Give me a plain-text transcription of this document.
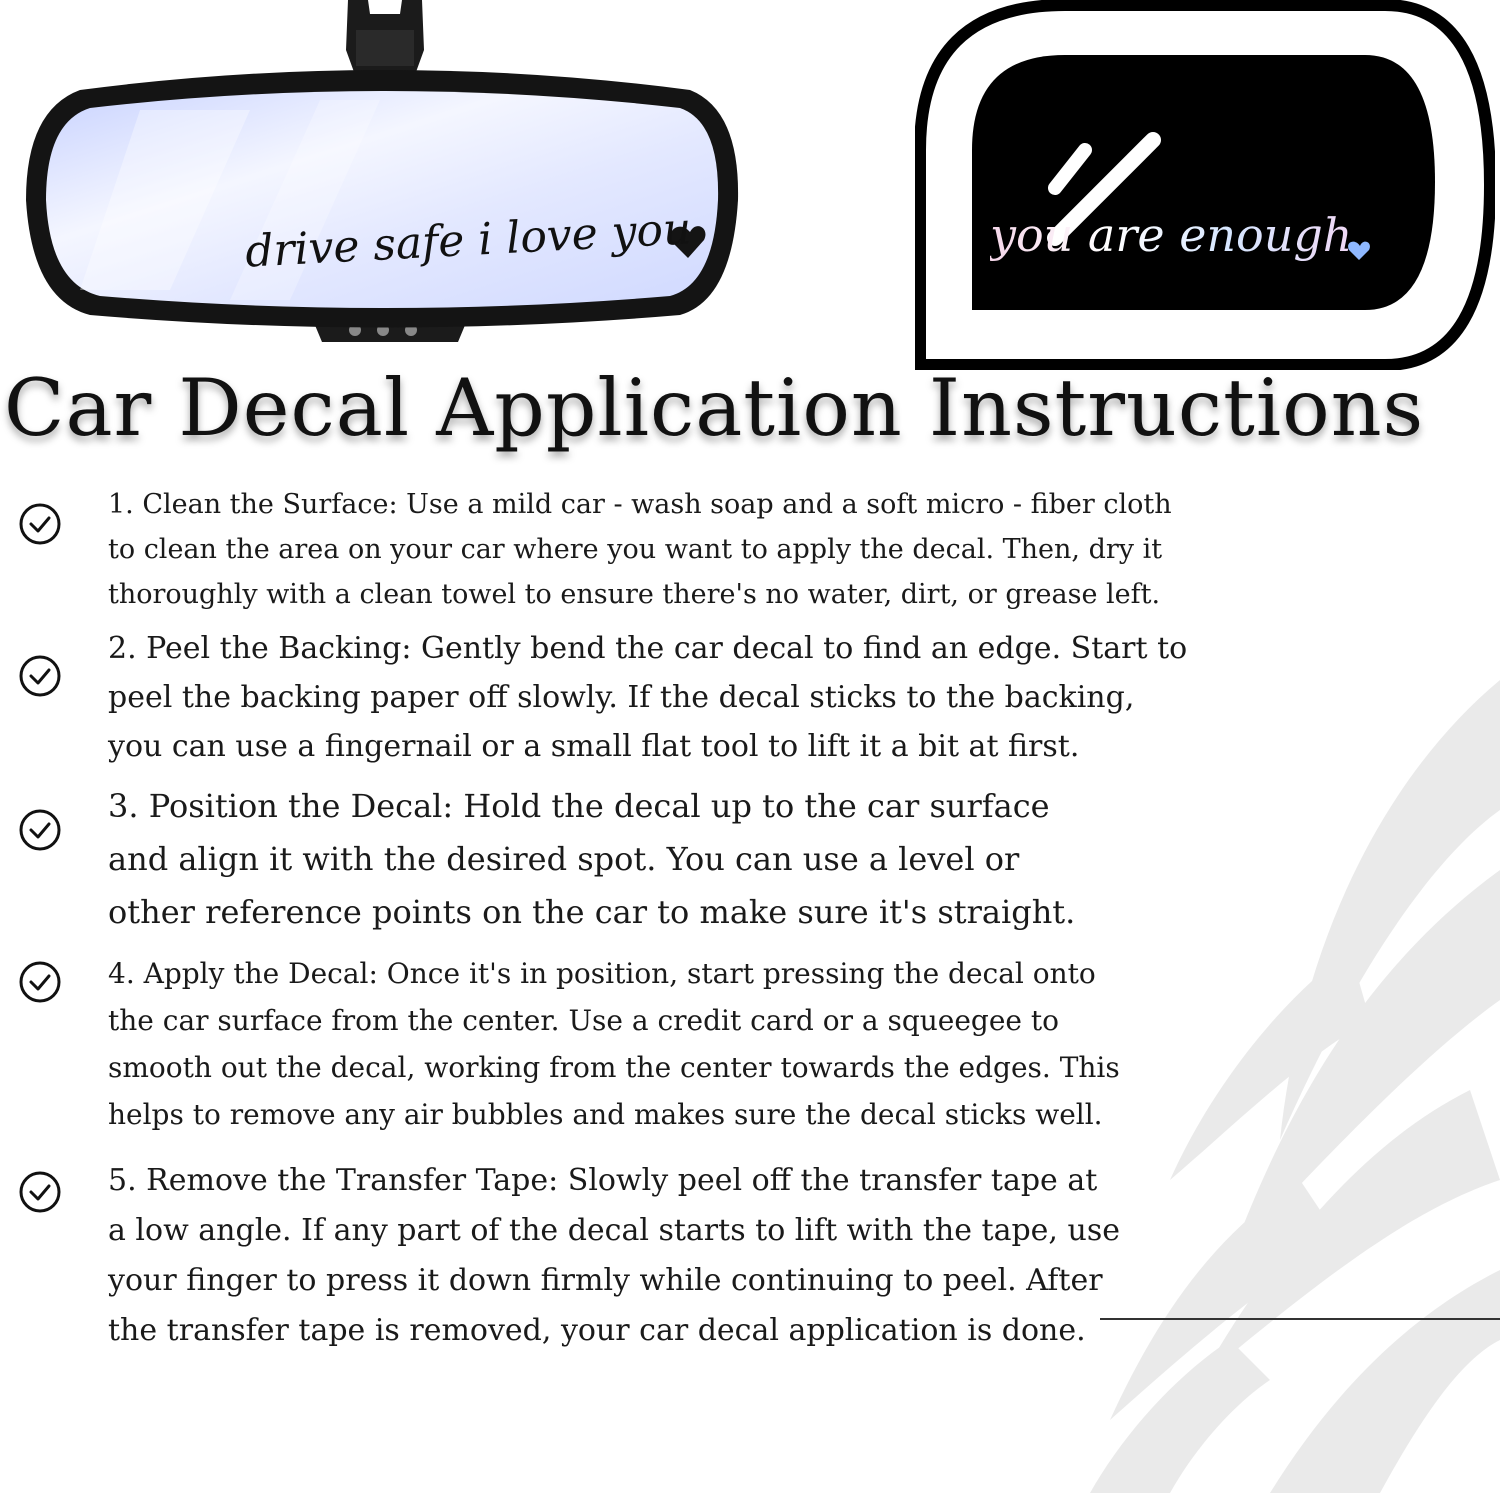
drive safe i love you	you are enough
Car Decal Application Instructions
1. Clean the Surface: Use a mild car - wash soap and a soft micro - fiber cloth
to clean the area on your car where you want to apply the decal. Then, dry it
thoroughly with a clean towel to ensure there's no water, dirt, or grease left.
2. Peel the Backing: Gently bend the car decal to find an edge. Start to
peel the backing paper off slowly. If the decal sticks to the backing,
you can use a fingernail or a small flat tool to lift it a bit at first.
3. Position the Decal: Hold the decal up to the car surface
and align it with the desired spot. You can use a level or
other reference points on the car to make sure it's straight.
4. Apply the Decal: Once it's in position, start pressing the decal onto
the car surface from the center. Use a credit card or a squeegee to
smooth out the decal, working from the center towards the edges. This
helps to remove any air bubbles and makes sure the decal sticks well.
5. Remove the Transfer Tape: Slowly peel off the transfer tape at
a low angle. If any part of the decal starts to lift with the tape, use
your finger to press it down firmly while continuing to peel. After
the transfer tape is removed, your car decal application is done.
